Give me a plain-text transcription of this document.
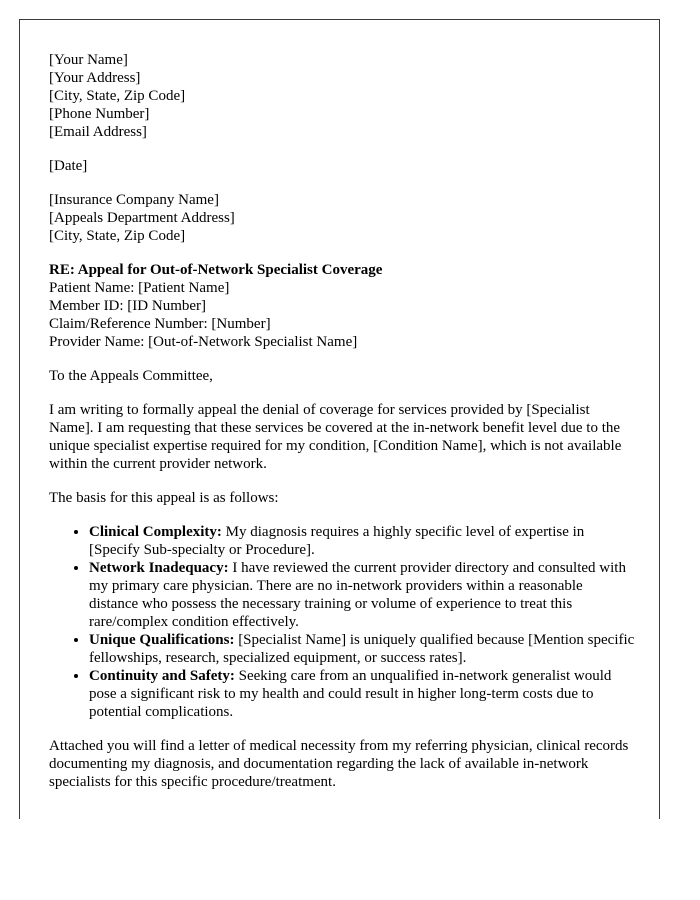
[Your Name]
[Your Address]
[City, State, Zip Code]
[Phone Number]
[Email Address]
[Date]
[Insurance Company Name]
[Appeals Department Address]
[City, State, Zip Code]
RE: Appeal for Out-of-Network Specialist Coverage
Patient Name: [Patient Name]
Member ID: [ID Number]
Claim/Reference Number: [Number]
Provider Name: [Out-of-Network Specialist Name]

To the Appeals Committee,

I am writing to formally appeal the denial of coverage for services provided by [Specialist Name]. I am requesting that these services be covered at the in-network benefit level due to the unique specialist expertise required for my condition, [Condition Name], which is not available within the current provider network.

The basis for this appeal is as follows:

• Clinical Complexity: My diagnosis requires a highly specific level of expertise in [Specify Sub-specialty or Procedure].
• Network Inadequacy: I have reviewed the current provider directory and consulted with my primary care physician. There are no in-network providers within a reasonable distance who possess the necessary training or volume of experience to treat this rare/complex condition effectively.
• Unique Qualifications: [Specialist Name] is uniquely qualified because [Mention specific fellowships, research, specialized equipment, or success rates].
• Continuity and Safety: Seeking care from an unqualified in-network generalist would pose a significant risk to my health and could result in higher long-term costs due to potential complications.

Attached you will find a letter of medical necessity from my referring physician, clinical records documenting my diagnosis, and documentation regarding the lack of available in-network specialists for this specific procedure/treatment.
